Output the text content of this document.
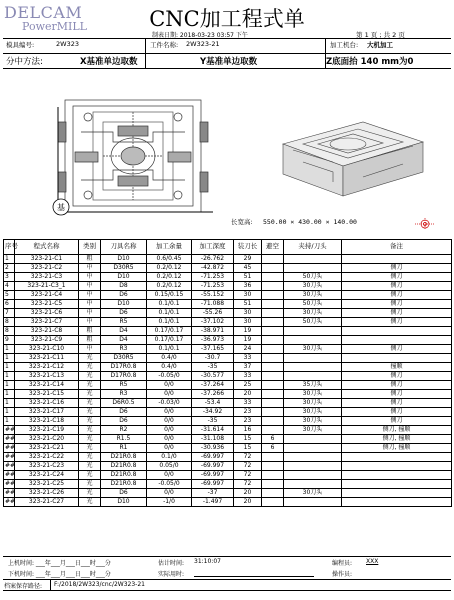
DELCAM
PowerMILL	CNC加工程式单
制表日期: 2018-03-23 03:57 下午	第 1 页 ; 共 2 页
模具编号:	2W323	工件名称: 2W323-21	加工机台: 大机加工
分中方法:	X基准单边取数	Y基准单边取数	Z底面抬 140 mm为0
基
长宽高: 550.00 × 430.00 × 140.00
序号	程式名称	类别	刀具名称	加工余量	加工深度	装刀长	避空	夹持/刀头	备注
1	323-21-C1	粗	D10	0.6/0.45	-26.762	29			
2	323-21-C2	中	D30R5	0.2/0.12	-42.872	45			侧刀
3	323-21-C3	中	D10	0.2/0.12	-71.253	51		50刀头	侧刀
4	323-21-C3_1	中	D8	0.2/0.12	-71.253	36		30刀头	侧刀
5	323-21-C4	中	D6	0.15/0.15	-55.152	30		30刀头	侧刀
6	323-21-C5	中	D10	0.1/0.1	-71.088	51		50刀头	侧刀
7	323-21-C6	中	D6	0.1/0.1	-55.26	30		30刀头	侧刀
8	323-21-C7	中	R5	0.1/0.1	-37.102	30		50刀头	侧刀
8	323-21-C8	粗	D4	0.17/0.17	-38.971	19			
9	323-21-C9	粗	D4	0.17/0.17	-36.973	19			
1	323-21-C10	中	R3	0.1/0.1	-37.165	24		30刀头	侧刀
1	323-21-C11	光	D30R5	0.4/0	-30.7	33			
1	323-21-C12	光	D17R0.8	0.4/0	-35	37			撞顺
1	323-21-C13	光	D17R0.8	-0.05/0	-30.577	33			侧刀
1	323-21-C14	光	R5	0/0	-37.264	25		35刀头	侧刀
1	323-21-C15	光	R3	0/0	-37.266	20		30刀头	侧刀
1	323-21-C16	光	D6R0.5	-0.03/0	-53.4	33		30刀头	侧刀
1	323-21-C17	光	D6	0/0	-34.92	23		30刀头	侧刀
1	323-21-C18	光	D6	0/0	-35	23		30刀头	侧刀
##	323-21-C19	光	R2	0/0	-31.614	16		30刀头	侧刀, 撞顺
##	323-21-C20	光	R1.5	0/0	-31.108	15	6		侧刀, 撞顺
##	323-21-C21	光	R1	0/0	-30.936	15	6		侧刀, 撞顺
##	323-21-C22	光	D21R0.8	0.1/0	-69.997	72			
##	323-21-C23	光	D21R0.8	0.05/0	-69.997	72			
##	323-21-C24	光	D21R0.8	0/0	-69.997	72			
##	323-21-C25	光	D21R0.8	-0.05/0	-69.997	72			
##	323-21-C26	光	D6	0/0	-37	20		30刀头	
##	323-21-C27	光	D10	-1/0	-1.497	20			
上机时间: ___年___月___日___时___分
下机时间: ___年___月___日___时___分
估计时间: 31:10:07
实际用时:
编程员: XXX
操作员:
档案保存路径: F:/2018/2W323/cnc/2W323-21
